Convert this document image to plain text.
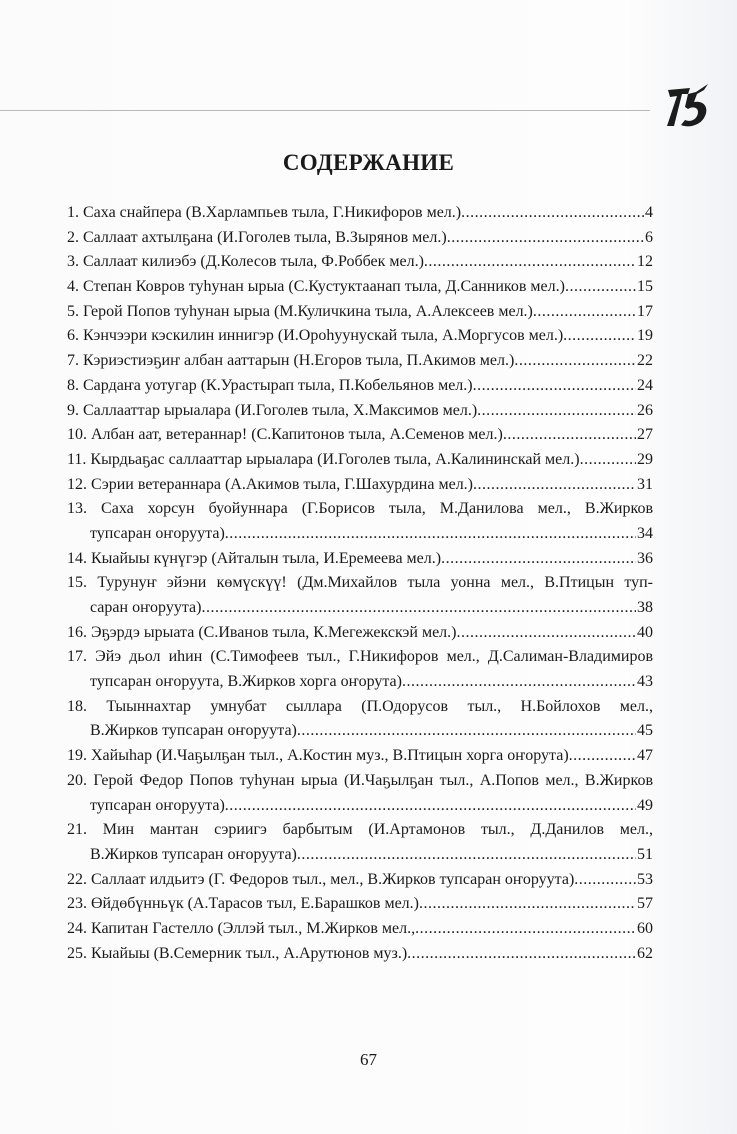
СОДЕРЖАНИЕ
1. Саха снайпера (В.Харлампьев тыла, Г.Никифоров мел.) .....	4
2. Саллаат ахтылҕана (И.Гоголев тыла, В.Зырянов мел.) .....	6
3. Саллаат килиэбэ (Д.Колесов тыла, Ф.Роббек мел.) .....	12
4. Степан Ковров туһунан ырыа (С.Кустуктаанап тыла, Д.Санников мел.) .....	15
5. Герой Попов туһунан ырыа (М.Куличкина тыла, А.Алексеев мел.) .....	17
6. Кэнчээри кэскилин иннигэр (И.Ороһуунускай тыла, А.Моргусов мел.) .....	19
7. Кэриэстиэҕиҥ албан ааттарын (Н.Егоров тыла, П.Акимов мел.) .....	22
8. Сардаҥа уотугар (К.Урастырап тыла, П.Кобельянов мел.) .....	24
9. Саллааттар ырыалара (И.Гоголев тыла, Х.Максимов мел.) .....	26
10. Албан аат, ветераннар! (С.Капитонов тыла, А.Семенов мел.) .....	27
11. Кырдьаҕас саллааттар ырыалара (И.Гоголев тыла, А.Калининскай мел.) .....	29
12. Сэрии ветераннара (А.Акимов тыла, Г.Шахурдина мел.) .....	31
13. Саха хорсун буойуннара (Г.Борисов тыла, М.Данилова мел., В.Жирков
тупсаран оҥоруута) .....	34
14. Кыайыы күнүгэр (Айталын тыла, И.Еремеева мел.) .....	36
15. Турунуҥ эйэни көмүскүү! (Дм.Михайлов тыла уонна мел., В.Птицын туп-
саран оҥоруута) .....	38
16. Эҕэрдэ ырыата (С.Иванов тыла, К.Мегежекскэй мел.) .....	40
17. Эйэ дьол иһин (С.Тимофеев тыл., Г.Никифоров мел., Д.Салиман-Владимиров
тупсаран оҥоруута, В.Жирков хорга оҥорута) .....	43
18. Тыыннахтар умнубат сыллара (П.Одорусов тыл., Н.Бойлохов мел.,
В.Жирков тупсаран оҥоруута) .....	45
19. Хайыһар (И.Чаҕылҕан тыл., А.Костин муз., В.Птицын хорга оҥорута) .....	47
20. Герой Федор Попов туһунан ырыа (И.Чаҕылҕан тыл., А.Попов мел., В.Жирков
тупсаран оҥоруута) .....	49
21. Мин мантан сэриигэ барбытым (И.Артамонов тыл., Д.Данилов мел.,
В.Жирков тупсаран оҥоруута) .....	51
22. Саллаат илдьитэ (Г. Федоров тыл., мел., В.Жирков тупсаран оҥоруута) .....	53
23. Өйдөбүнньүк (А.Тарасов тыл, Е.Барашков мел.) .....	57
24. Капитан Гастелло (Эллэй тыл., М.Жирков мел., .....	60
25. Кыайыы (В.Семерник тыл., А.Арутюнов муз.) .....	62
67
